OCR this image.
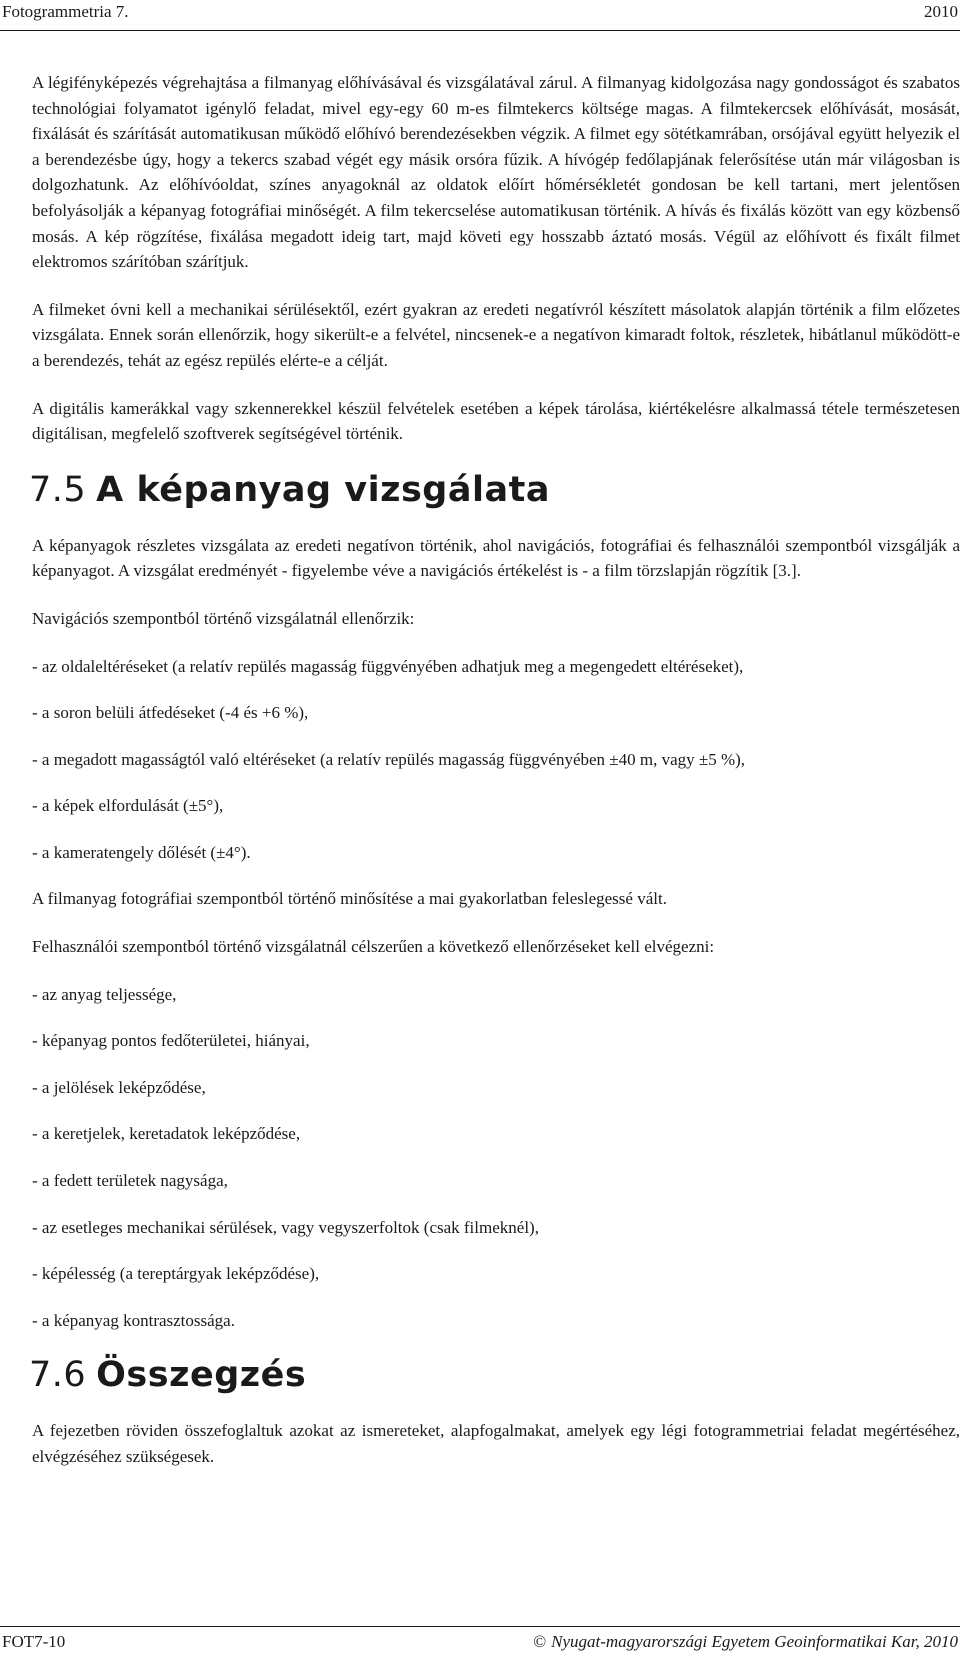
Fotogrammetria 7.	2010

A légifényképezés végrehajtása a filmanyag előhívásával és vizsgálatával zárul. A filmanyag kidolgozása nagy gondosságot és szabatos technológiai folyamatot igénylő feladat, mivel egy-egy 60 m-es filmtekercs költsége magas. A filmtekercsek előhívását, mosását, fixálását és szárítását automatikusan működő előhívó berendezésekben végzik. A filmet egy sötétkamrában, orsójával együtt helyezik el a berendezésbe úgy, hogy a tekercs szabad végét egy másik orsóra fűzik. A hívógép fedőlapjának felerősítése után már világosban is dolgozhatunk. Az előhívóoldat, színes anyagoknál az oldatok előírt hőmérsékletét gondosan be kell tartani, mert jelentősen befolyásolják a képanyag fotográfiai minőségét. A film tekercselése automatikusan történik. A hívás és fixálás között van egy közbenső mosás. A kép rögzítése, fixálása megadott ideig tart, majd követi egy hosszabb áztató mosás. Végül az előhívott és fixált filmet elektromos szárítóban szárítjuk.

A filmeket óvni kell a mechanikai sérülésektől, ezért gyakran az eredeti negatívról készített másolatok alapján történik a film előzetes vizsgálata. Ennek során ellenőrzik, hogy sikerült-e a felvétel, nincsenek-e a negatívon kimaradt foltok, részletek, hibátlanul működött-e a berendezés, tehát az egész repülés elérte-e a célját.

A digitális kamerákkal vagy szkennerekkel készül felvételek esetében a képek tárolása, kiértékelésre alkalmassá tétele természetesen digitálisan, megfelelő szoftverek segítségével történik.

7.5 A képanyag vizsgálata

A képanyagok részletes vizsgálata az eredeti negatívon történik, ahol navigációs, fotográfiai és felhasználói szempontból vizsgálják a képanyagot. A vizsgálat eredményét - figyelembe véve a navigációs értékelést is - a film törzslapján rögzítik [3.].

Navigációs szempontból történő vizsgálatnál ellenőrzik:

- az oldaleltéréseket (a relatív repülés magasság függvényében adhatjuk meg a megengedett eltéréseket),
- a soron belüli átfedéseket (-4 és +6 %),
- a megadott magasságtól való eltéréseket (a relatív repülés magasság függvényében ±40 m, vagy ±5 %),
- a képek elfordulását (±5°),
- a kameratengely dőlését (±4°).

A filmanyag fotográfiai szempontból történő minősítése a mai gyakorlatban feleslegessé vált.

Felhasználói szempontból történő vizsgálatnál célszerűen a következő ellenőrzéseket kell elvégezni:

- az anyag teljessége,
- képanyag pontos fedőterületei, hiányai,
- a jelölések leképződése,
- a keretjelek, keretadatok leképződése,
- a fedett területek nagysága,
- az esetleges mechanikai sérülések, vagy vegyszerfoltok (csak filmeknél),
- képélesség (a tereptárgyak leképződése),
- a képanyag kontrasztossága.
7.6 Összegzés

A fejezetben röviden összefoglaltuk azokat az ismereteket, alapfogalmakat, amelyek egy légi fotogrammetriai feladat megértéséhez, elvégzéséhez szükségesek.

FOT7-10	© Nyugat-magyarországi Egyetem Geoinformatikai Kar, 2010
